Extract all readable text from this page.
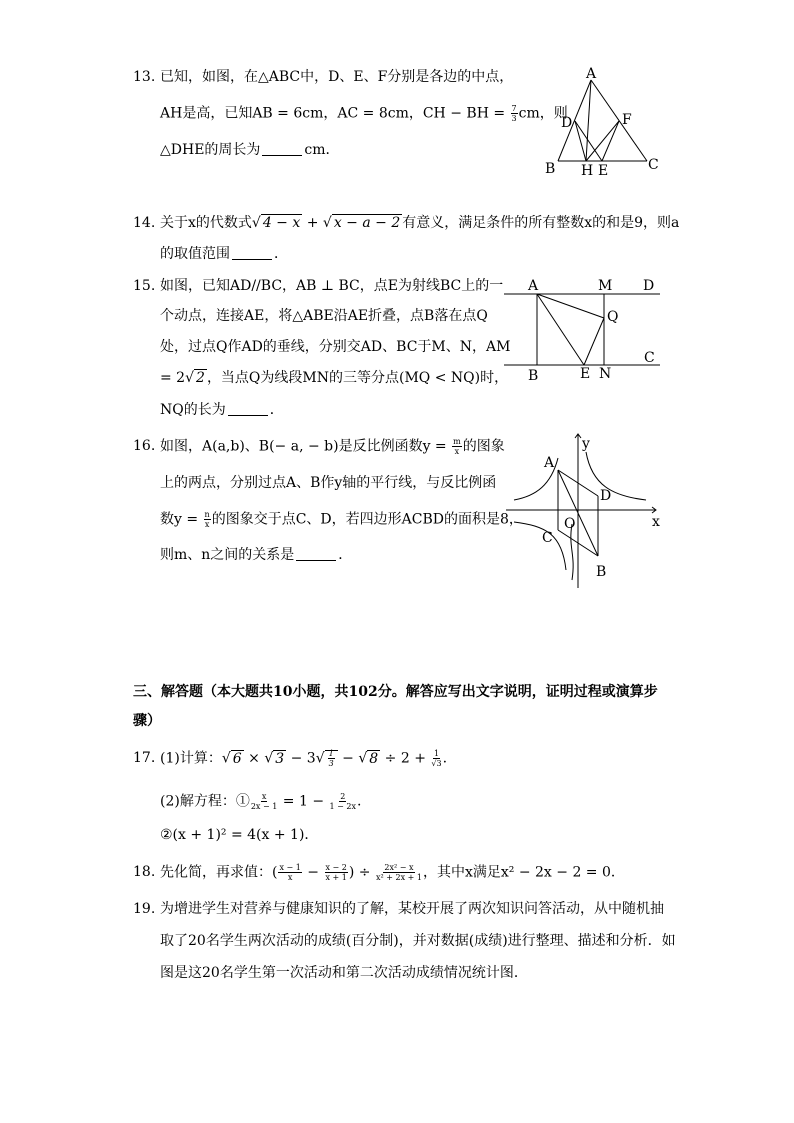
13. 已知，如图，在△ABC中，D、E、F分别是各边的中点，
AH是高，已知AB = 6cm，AC = 8cm，CH − BH = $\frac{7}{3}$ cm，则
△DHE的周长为	cm．
A
B	C
D
E
F
H
14. 关于x的代数式√ 4 − x + √ x − a − 2 有意义，满足条件的所有整数x的和是9，则a
的取值范围	．
15. 如图，已知AD//BC，AB ⊥ BC，点E为射线BC上的一
个动点，连接AE，将△ABE沿AE折叠，点B落在点Q
处，过点Q作AD的垂线，分别交AD、BC于M、N，AM
= 2√ 2 ，当点Q为线段MN的三等分点(MQ < NQ)时，
NQ的长为	．
A	M D
Q
C
B	E N
16. 如图，A(a,b)、B(− a, − b)是反比例函数$y = \frac{m}{x}$ 的图象
上的两点，分别过点A、B作y轴的平行线，与反比例函
数$y = \frac{n}{x}$ 的图象交于点C、D，若四边形ACBD的面积是8，
则m、n之间的关系是	．
y
x
A
D
O
C
B
三、解答题（本大题共10小题，共102分。解答应写出文字说明，证明过程或演算步
骤）
17. (1)计算：√ 6 × √ $3 - 3√ \frac{1}{3}$ − √ $8 \div 2 + \frac{1}{√3}$ .
(2)解方程：① $\frac{x}{2x - 1} = 1 - \frac{2}{1 - 2x}$ .
②(x + 1)² = 4(x + 1)．
18. 先化简，再求值：( $\frac{x - 1}{x} - \frac{x - 2}{x + 1}$ ) ÷ $\frac{\text{2x² − x}}{\text{x² + 2x + 1}}$ ，其中x满足x² − 2x − 2 = 0．
19. 为增进学生对营养与健康知识的了解，某校开展了两次知识问答活动，从中随机抽
取了20名学生两次活动的成绩(百分制)，并对数据(成绩)进行整理、描述和分析．如
图是这20名学生第一次活动和第二次活动成绩情况统计图．
